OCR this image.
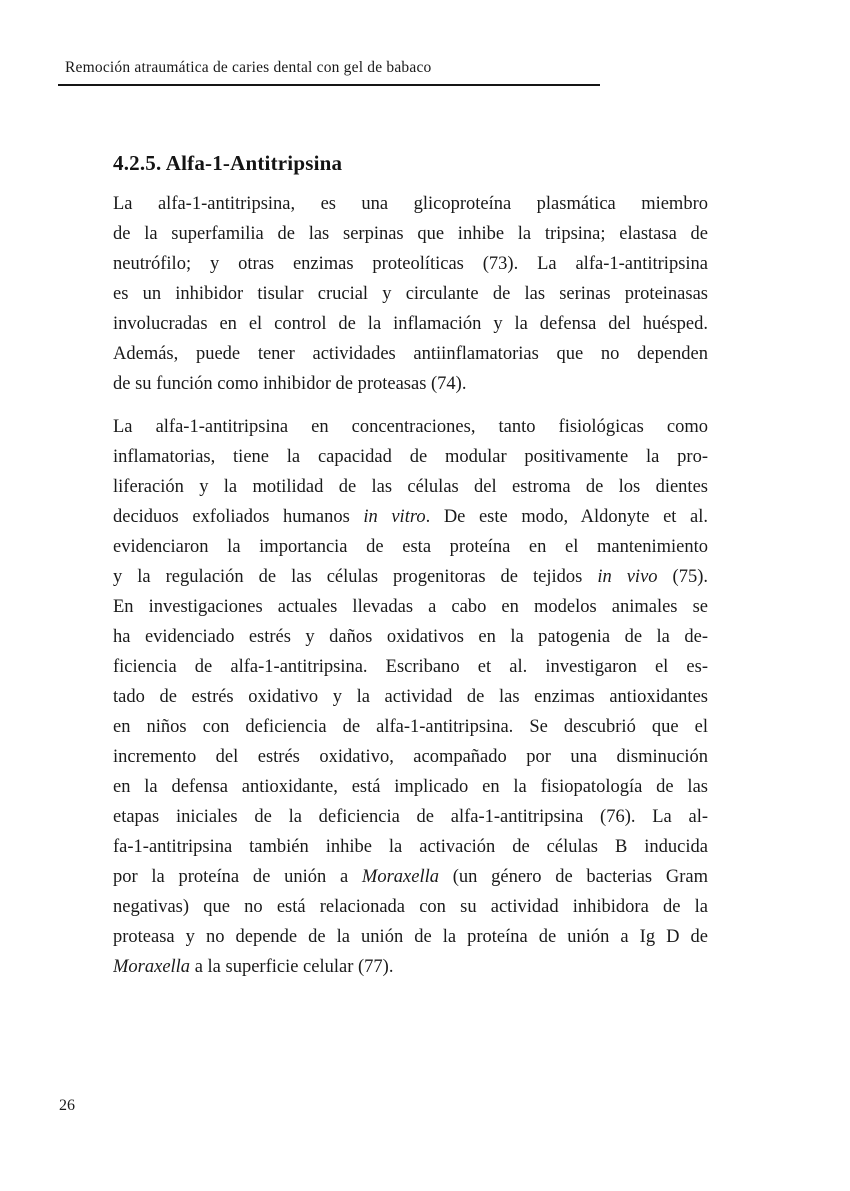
Remoción atraumática de caries dental con gel de babaco
4.2.5. Alfa-1-Antitripsina
La alfa-1-antitripsina, es una glicoproteína plasmática miembro
de la superfamilia de las serpinas que inhibe la tripsina; elastasa de
neutrófilo; y otras enzimas proteolíticas (73). La alfa-1-antitripsina
es un inhibidor tisular crucial y circulante de las serinas proteinasas
involucradas en el control de la inflamación y la defensa del huésped.
Además, puede tener actividades antiinflamatorias que no dependen
de su función como inhibidor de proteasas (74).
La alfa-1-antitripsina en concentraciones, tanto fisiológicas como
inflamatorias, tiene la capacidad de modular positivamente la pro-
liferación y la motilidad de las células del estroma de los dientes
deciduos exfoliados humanos in vitro. De este modo, Aldonyte et al.
evidenciaron la importancia de esta proteína en el mantenimiento
y la regulación de las células progenitoras de tejidos in vivo (75).
En investigaciones actuales llevadas a cabo en modelos animales se
ha evidenciado estrés y daños oxidativos en la patogenia de la de-
ficiencia de alfa-1-antitripsina. Escribano et al. investigaron el es-
tado de estrés oxidativo y la actividad de las enzimas antioxidantes
en niños con deficiencia de alfa-1-antitripsina. Se descubrió que el
incremento del estrés oxidativo, acompañado por una disminución
en la defensa antioxidante, está implicado en la fisiopatología de las
etapas iniciales de la deficiencia de alfa-1-antitripsina (76). La al-
fa-1-antitripsina también inhibe la activación de células B inducida
por la proteína de unión a Moraxella (un género de bacterias Gram
negativas) que no está relacionada con su actividad inhibidora de la
proteasa y no depende de la unión de la proteína de unión a Ig D de
Moraxella a la superficie celular (77).
26
